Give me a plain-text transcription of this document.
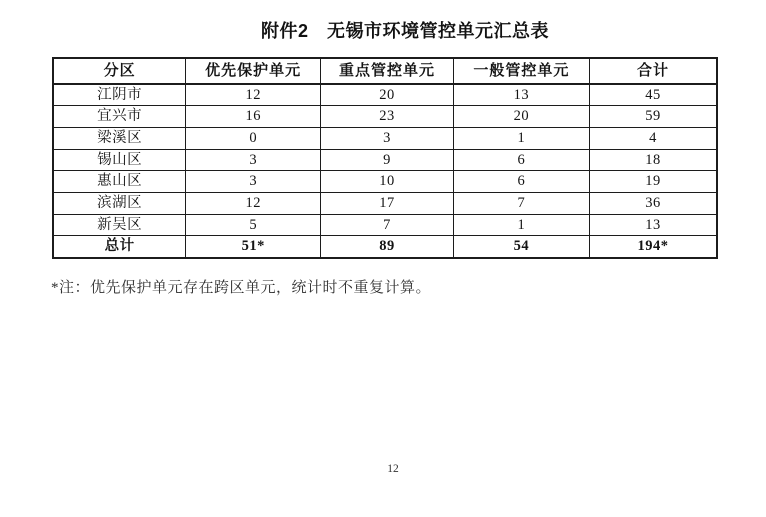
附件2　无锡市环境管控单元汇总表
分区	优先保护单元	重点管控单元	一般管控单元	合计
江阴市	12	20	13	45
宜兴市	16	23	20	59
梁溪区	0	3	1	4
锡山区	3	9	6	18
惠山区	3	10	6	19
滨湖区	12	17	7	36
新吴区	5	7	1	13
总计	51*	89	54	194*
*注：优先保护单元存在跨区单元，统计时不重复计算。
12
